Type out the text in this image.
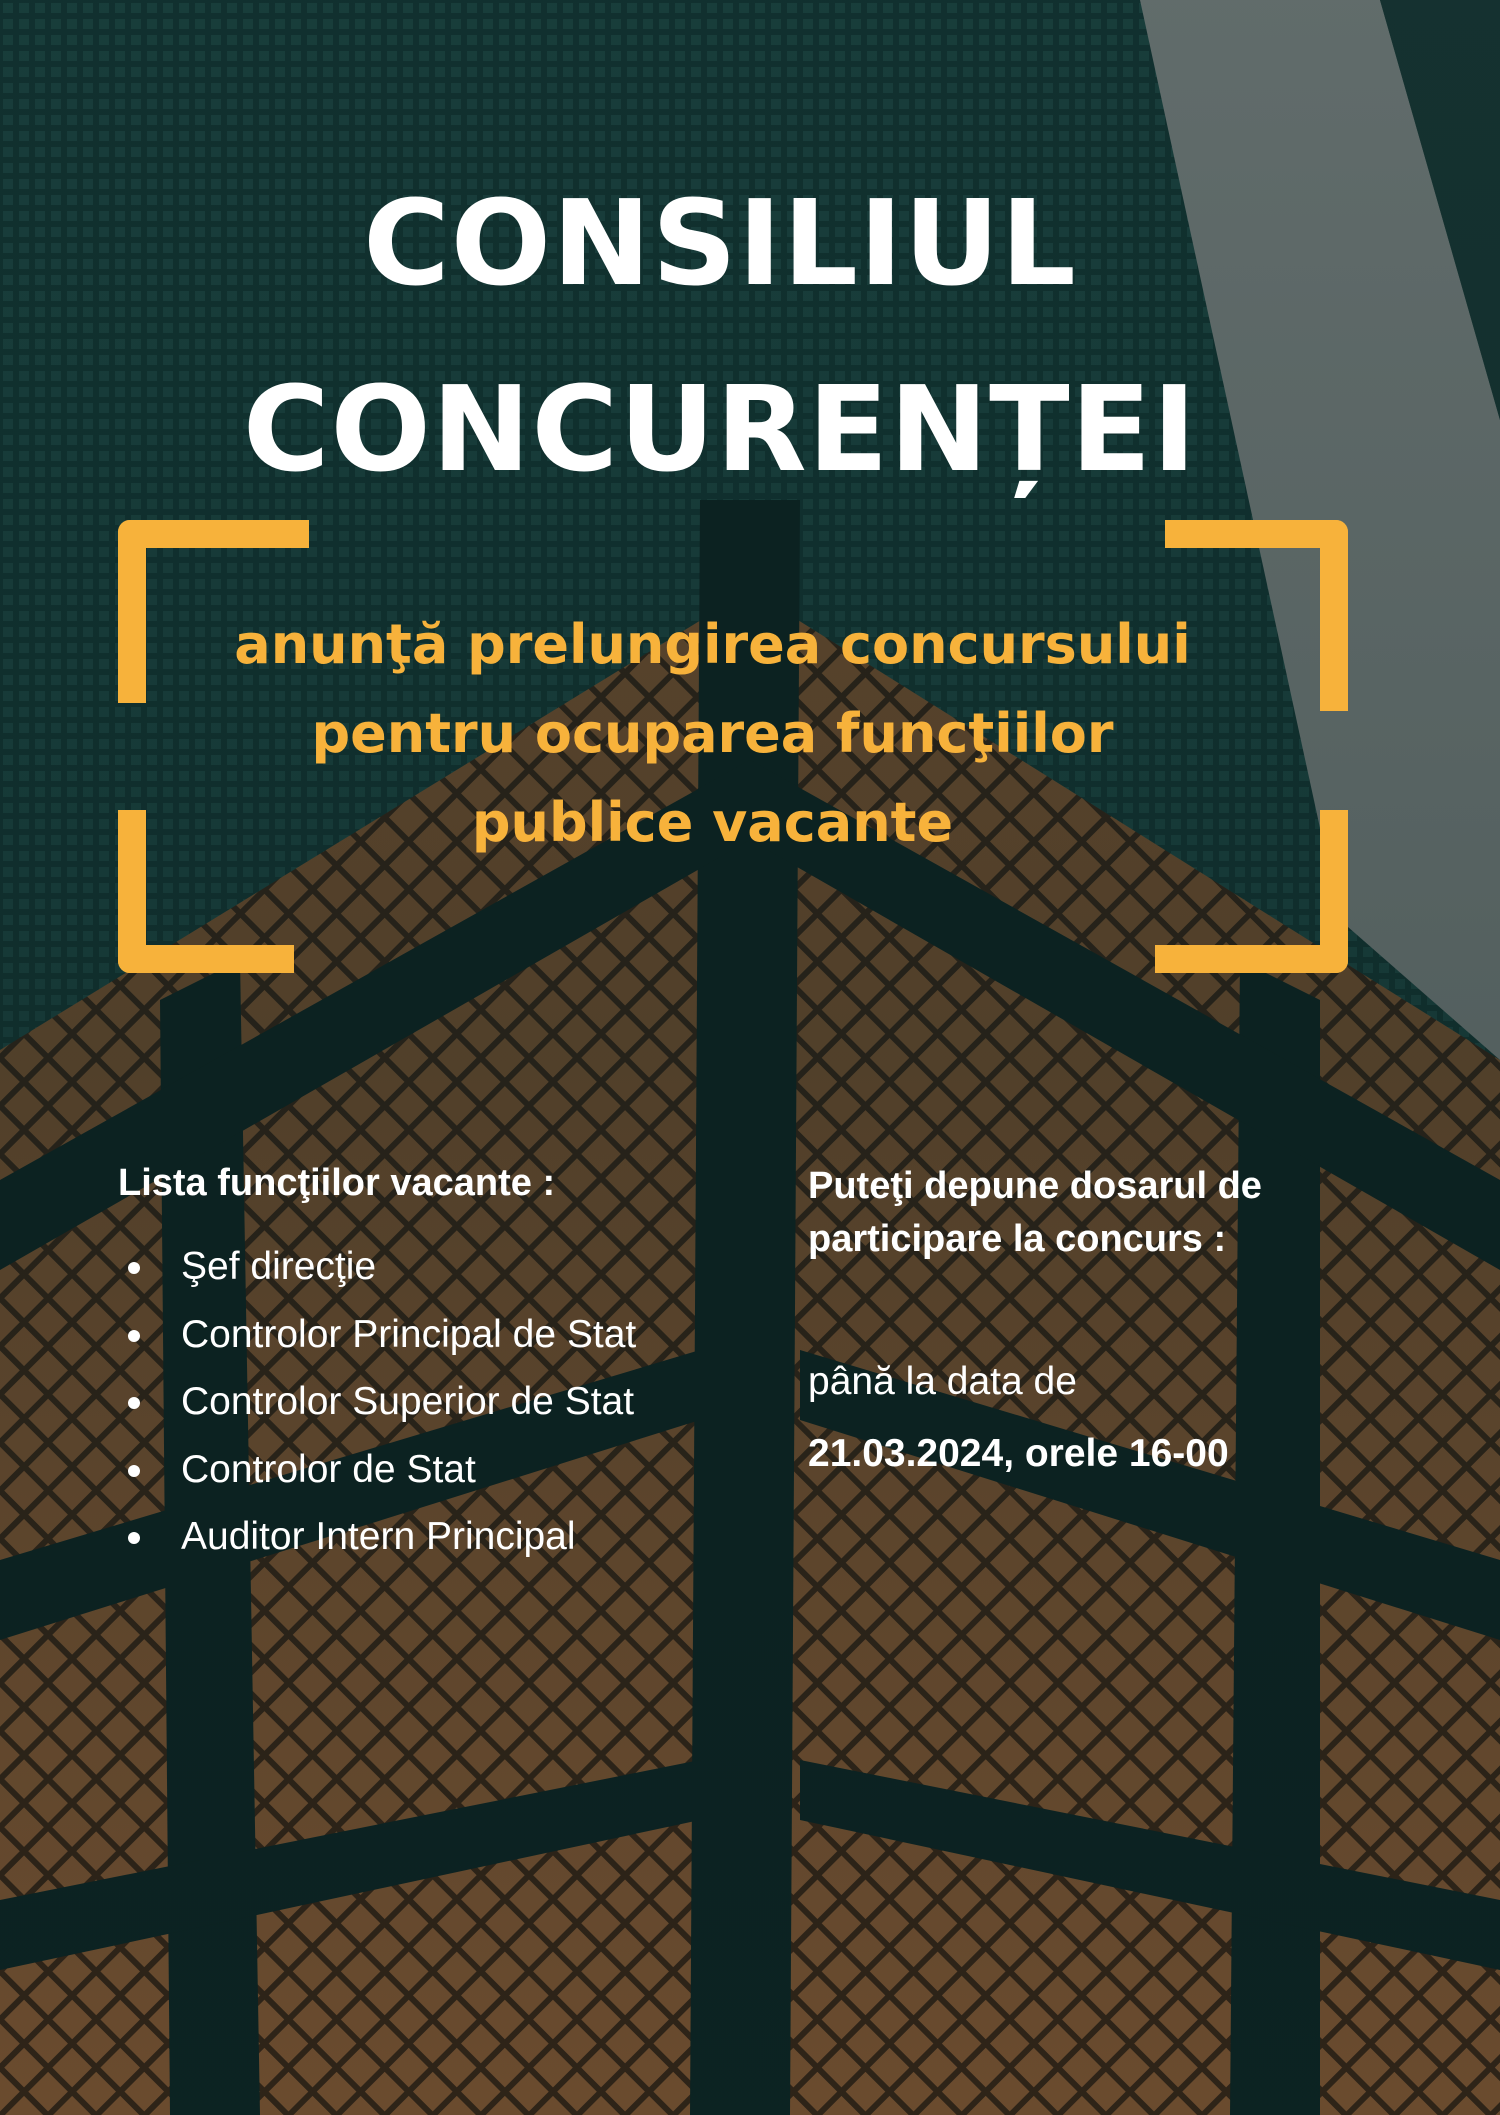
CONSILIUL
CONCURENȚEI
anunţă prelungirea concursului
pentru ocuparea funcţiilor
publice vacante

Lista funcţiilor vacante :

Şef direcţie
Controlor Principal de Stat
Controlor Superior de Stat
Controlor de Stat
Auditor Intern Principal

Puteţi depune dosarul de participare la concurs :

până la data de

21.03.2024, orele 16-00
